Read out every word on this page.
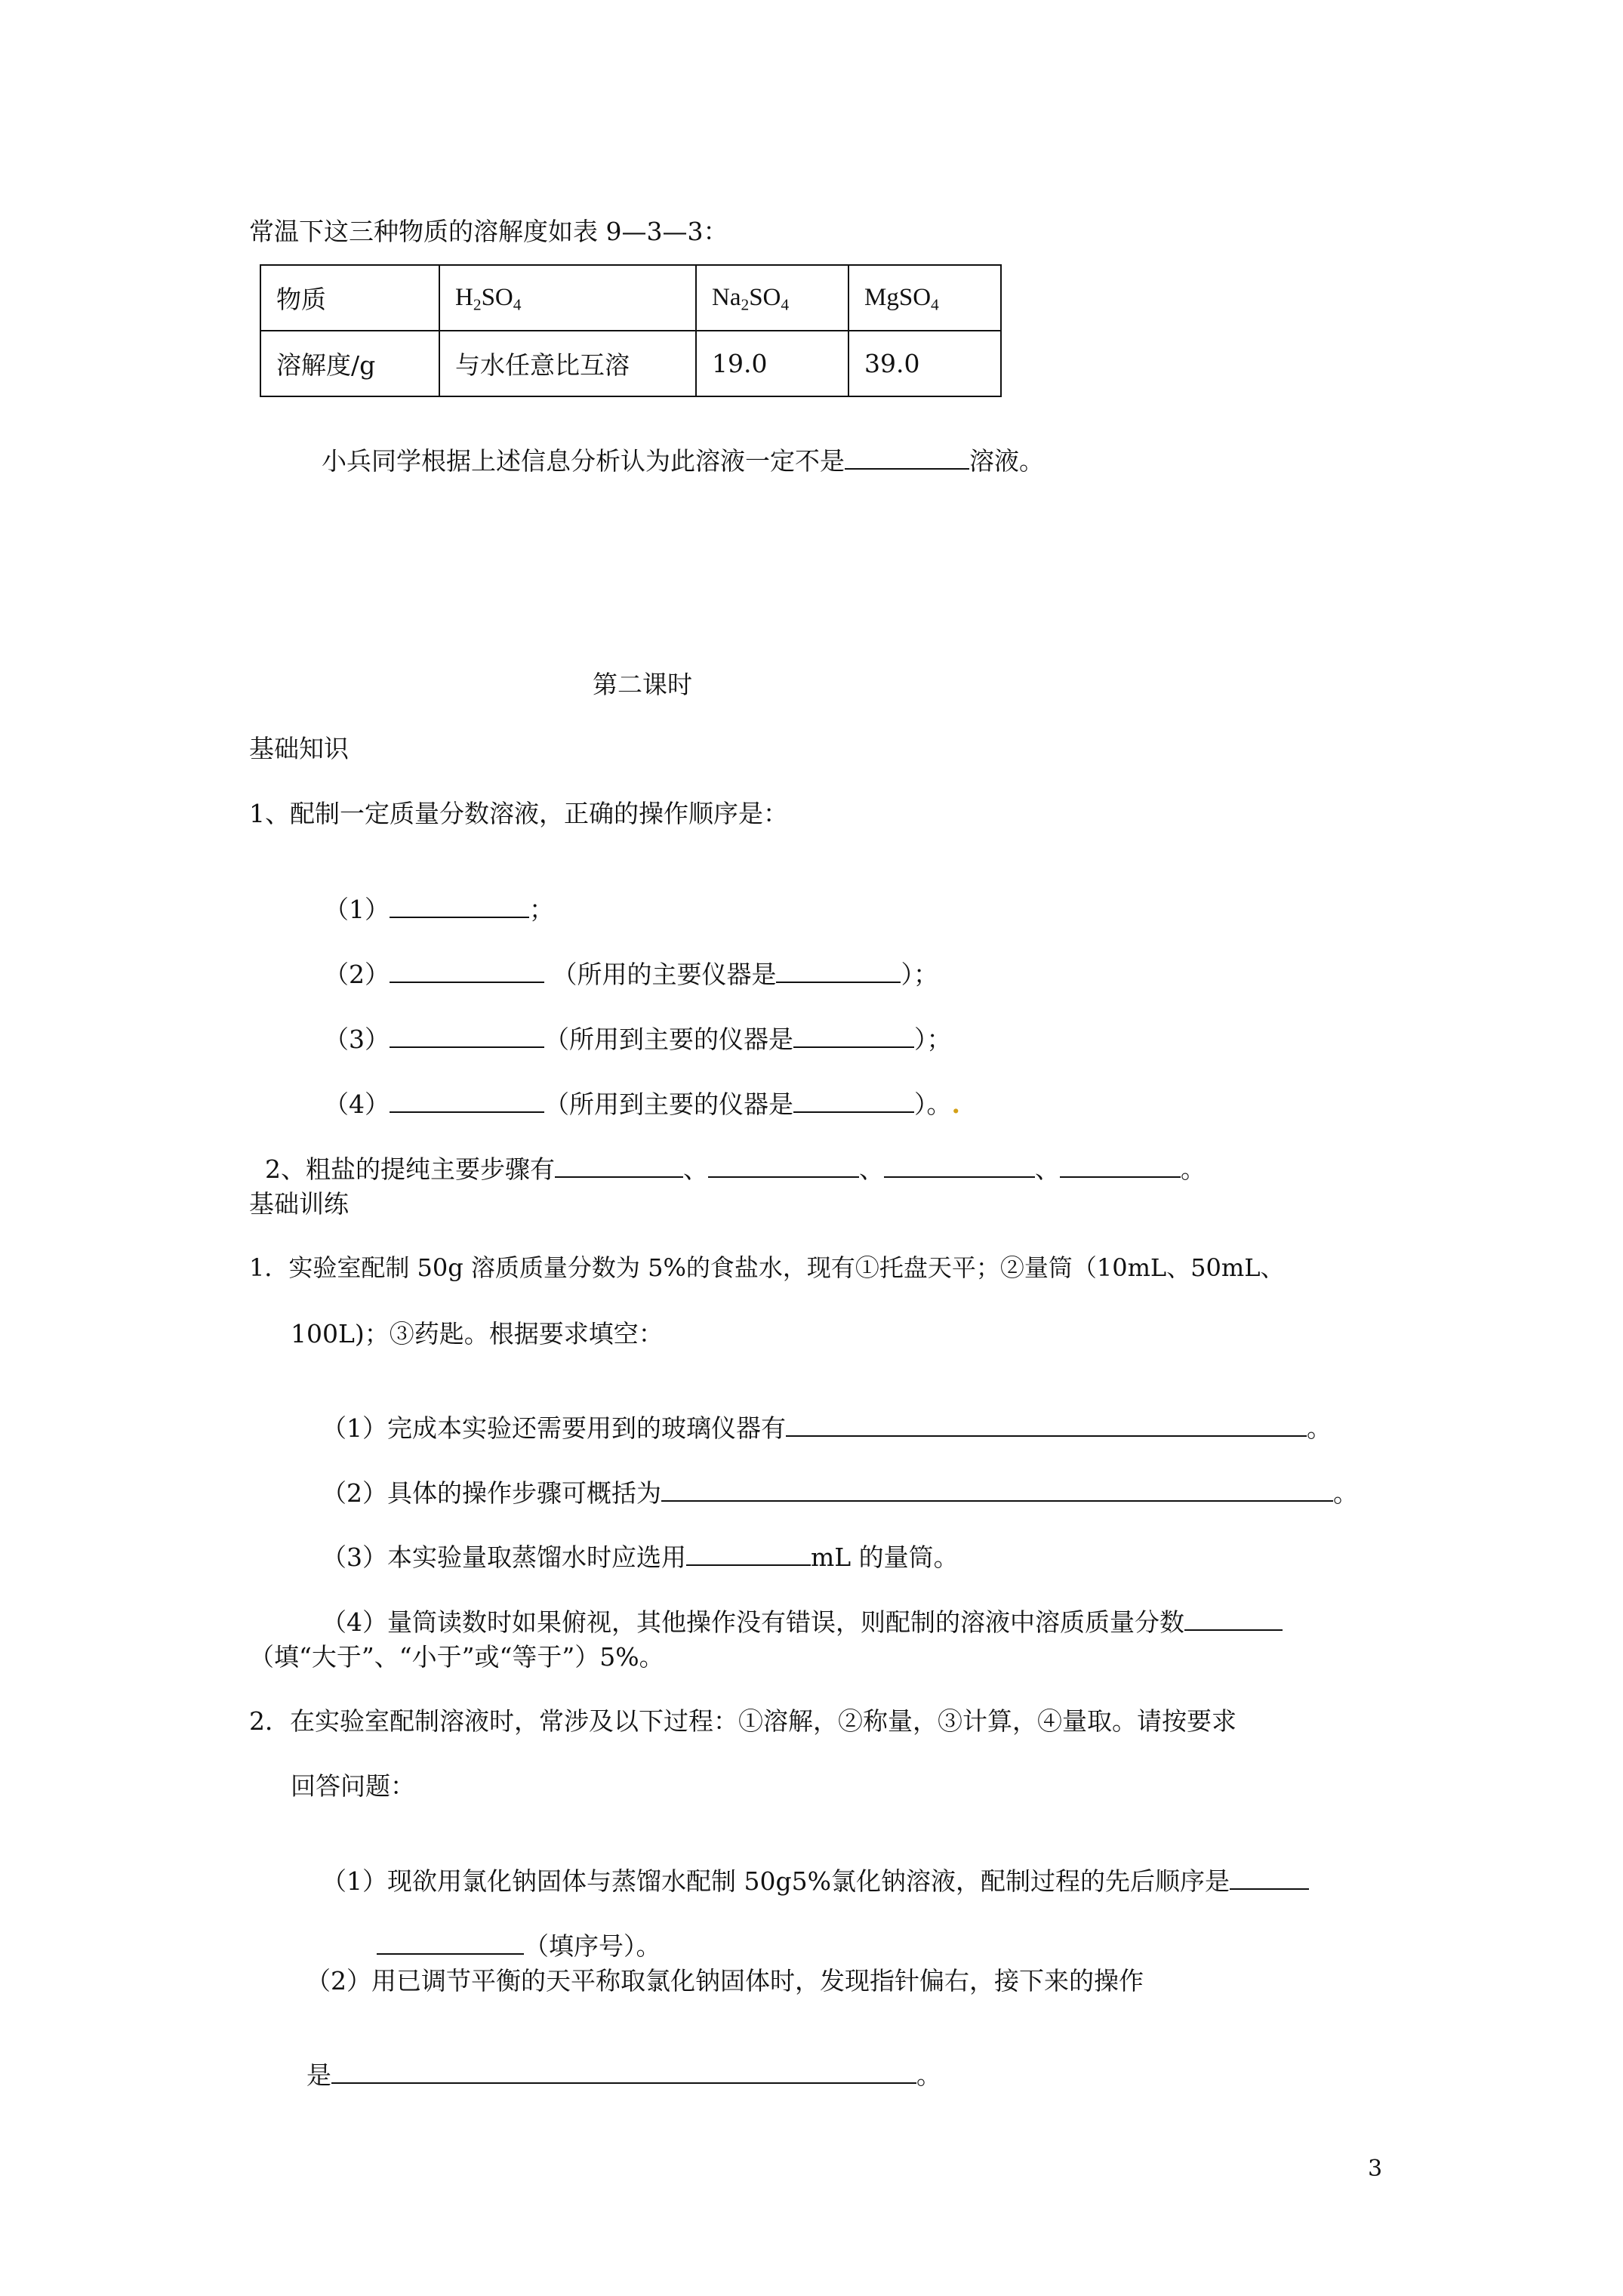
常温下这三种物质的溶解度如表 9—3—3：
物质	$H_2SO_4$	$Na_2SO_4$	MgSO$_4$
溶解度/g	与水任意比互溶	19.0	39.0

小兵同学根据上述信息分析认为此溶液一定不是	溶液。

第二课时
基础知识
1、配制一定质量分数溶液，正确的操作顺序是：

（1）	；

（2）	（所用的主要仪器是	）；

（3）	（所用到主要的仪器是	）；

（4）	（所用到主要的仪器是	）。.

2、粗盐的提纯主要步骤有	、	、	、	。

基础训练
1．实验室配制 50g 溶质质量分数为 5%的食盐水，现有①托盘天平；②量筒（10mL、50mL、
100L)；③药匙。根据要求填空：

（1）完成本实验还需要用到的玻璃仪器有	。

（2）具体的操作步骤可概括为	。

（3）本实验量取蒸馏水时应选用	mL 的量筒。

（4）量筒读数时如果俯视，其他操作没有错误，则配制的溶液中溶质质量分数

（填“大于”、“小于”或“等于”）5%。
2．在实验室配制溶液时，常涉及以下过程：①溶解，②称量，③计算，④量取。请按要求
回答问题：

（1）现欲用氯化钠固体与蒸馏水配制 50g5%氯化钠溶液，配制过程的先后顺序是

（填序号）。

（2）用已调节平衡的天平称取氯化钠固体时，发现指针偏右，接下来的操作

是	。

3
